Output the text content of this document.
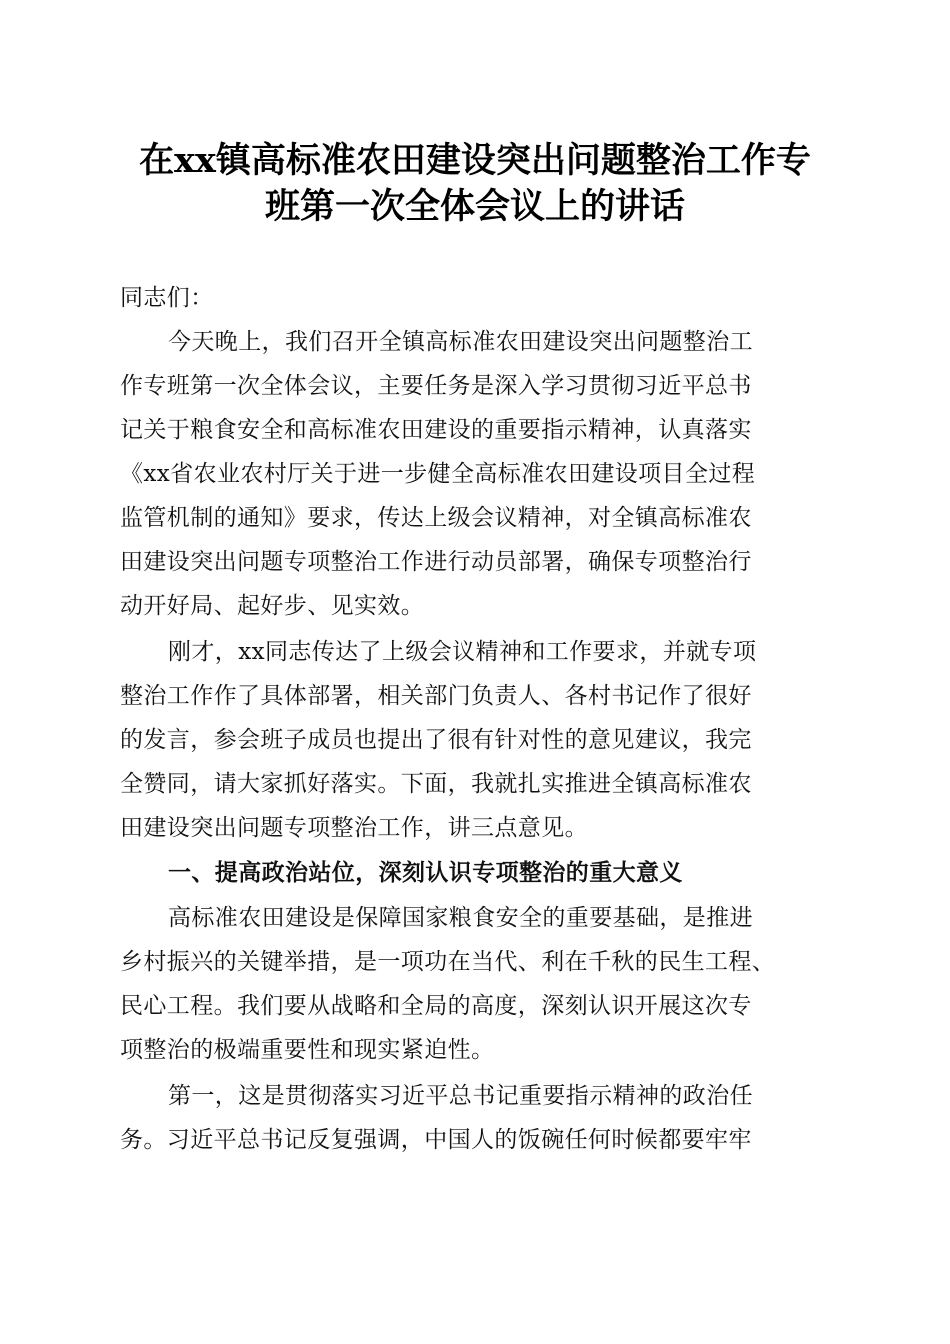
在xx镇高标准农田建设突出问题整治工作专
班第一次全体会议上的讲话
同志们：
今天晚上，我们召开全镇高标准农田建设突出问题整治工
作专班第一次全体会议，主要任务是深入学习贯彻习近平总书
记关于粮食安全和高标准农田建设的重要指示精神，认真落实
《xx省农业农村厅关于进一步健全高标准农田建设项目全过程
监管机制的通知》要求，传达上级会议精神，对全镇高标准农
田建设突出问题专项整治工作进行动员部署，确保专项整治行
动开好局、起好步、见实效。
刚才，xx同志传达了上级会议精神和工作要求，并就专项
整治工作作了具体部署，相关部门负责人、各村书记作了很好
的发言，参会班子成员也提出了很有针对性的意见建议，我完
全赞同，请大家抓好落实。下面，我就扎实推进全镇高标准农
田建设突出问题专项整治工作，讲三点意见。
一、提高政治站位，深刻认识专项整治的重大意义
高标准农田建设是保障国家粮食安全的重要基础，是推进
乡村振兴的关键举措，是一项功在当代、利在千秋的民生工程、
民心工程。我们要从战略和全局的高度，深刻认识开展这次专
项整治的极端重要性和现实紧迫性。
第一，这是贯彻落实习近平总书记重要指示精神的政治任
务。习近平总书记反复强调，中国人的饭碗任何时候都要牢牢
